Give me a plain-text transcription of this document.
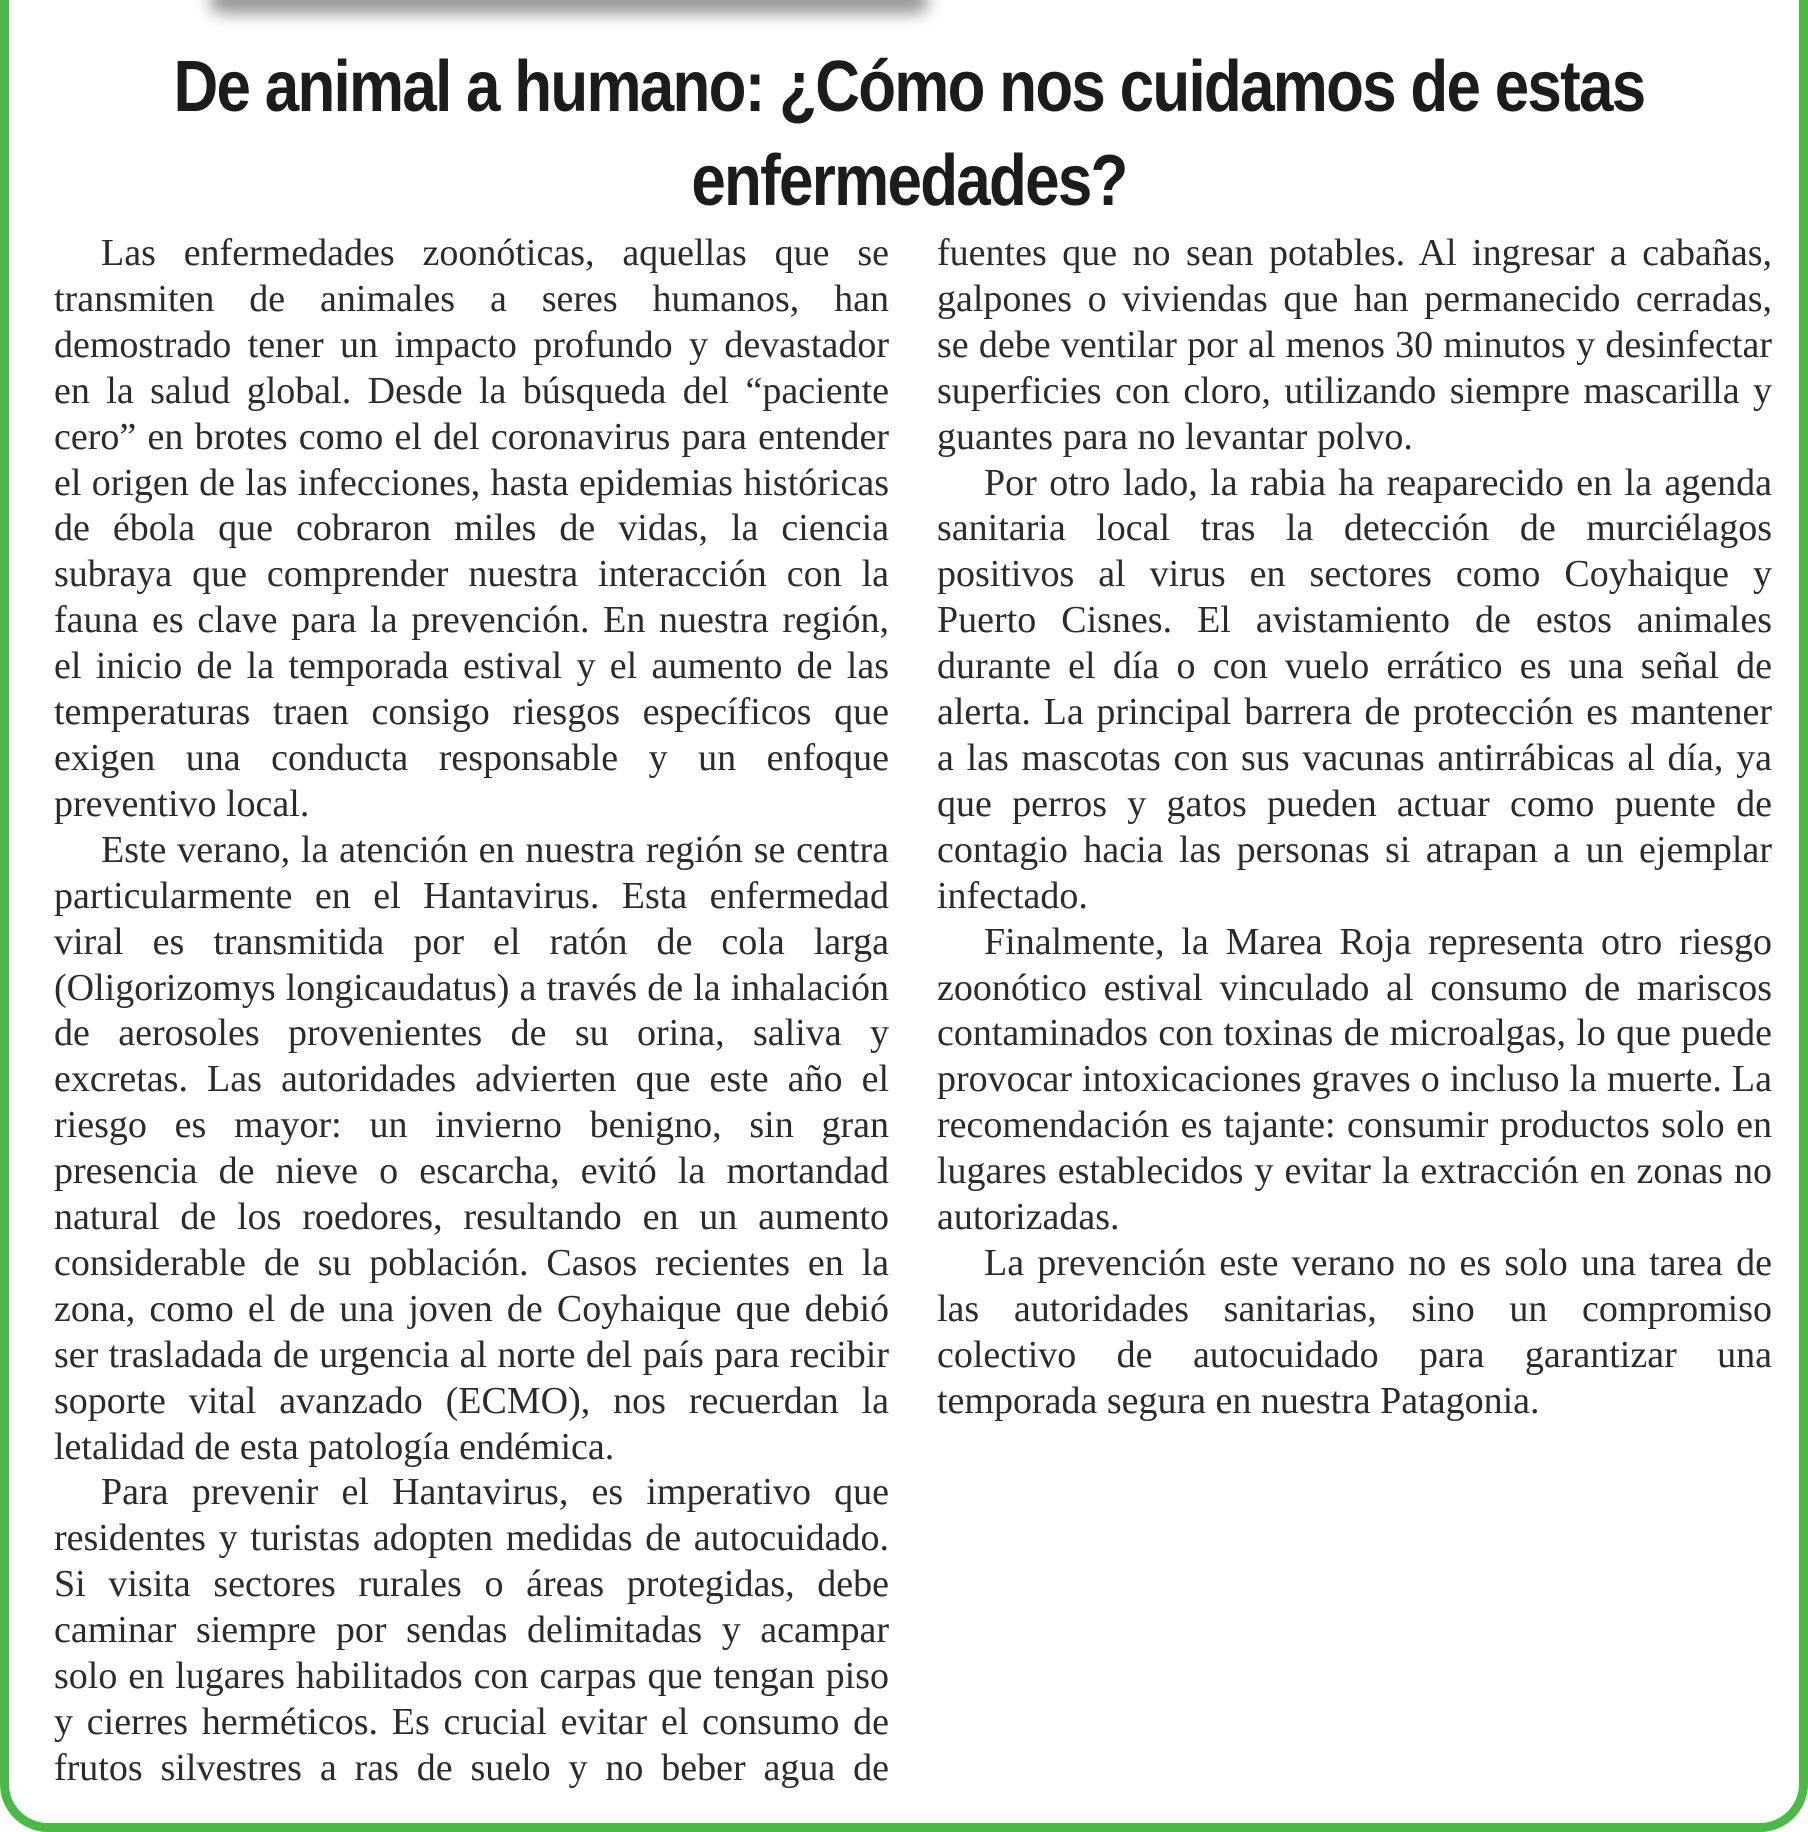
De animal a humano: ¿Cómo nos cuidamos de estas enfermedades?

Las enfermedades zoonóticas, aquellas que se transmiten de animales a seres humanos, han demostrado tener un impacto profundo y devastador en la salud global. Desde la búsqueda del “paciente cero” en brotes como el del coronavirus para entender el origen de las infecciones, hasta epidemias históricas de ébola que cobraron miles de vidas, la ciencia subraya que comprender nuestra interacción con la fauna es clave para la prevención. En nuestra región, el inicio de la temporada estival y el aumento de las temperaturas traen consigo riesgos específicos que exigen una conducta responsable y un enfoque preventivo local.

Este verano, la atención en nuestra región se centra particularmente en el Hantavirus. Esta enfermedad viral es transmitida por el ratón de cola larga (Oligorizomys longicaudatus) a través de la inhalación de aerosoles provenientes de su orina, saliva y excretas. Las autoridades advierten que este año el riesgo es mayor: un invierno benigno, sin gran presencia de nieve o escarcha, evitó la mortandad natural de los roedores, resultando en un aumento considerable de su población. Casos recientes en la zona, como el de una joven de Coyhaique que debió ser trasladada de urgencia al norte del país para recibir soporte vital avanzado (ECMO), nos recuerdan la letalidad de esta patología endémica.

Para prevenir el Hantavirus, es imperativo que residentes y turistas adopten medidas de autocuidado. Si visita sectores rurales o áreas protegidas, debe caminar siempre por sendas delimitadas y acampar solo en lugares habilitados con carpas que tengan piso y cierres herméticos. Es crucial evitar el consumo de frutos silvestres a ras de suelo y no beber agua de fuentes que no sean potables. Al ingresar a cabañas, galpones o viviendas que han permanecido cerradas, se debe ventilar por al menos 30 minutos y desinfectar superficies con cloro, utilizando siempre mascarilla y guantes para no levantar polvo.

Por otro lado, la rabia ha reaparecido en la agenda sanitaria local tras la detección de murciélagos positivos al virus en sectores como Coyhaique y Puerto Cisnes. El avistamiento de estos animales durante el día o con vuelo errático es una señal de alerta. La principal barrera de protección es mantener a las mascotas con sus vacunas antirrábicas al día, ya que perros y gatos pueden actuar como puente de contagio hacia las personas si atrapan a un ejemplar infectado.

Finalmente, la Marea Roja representa otro riesgo zoonótico estival vinculado al consumo de mariscos contaminados con toxinas de microalgas, lo que puede provocar intoxicaciones graves o incluso la muerte. La recomendación es tajante: consumir productos solo en lugares establecidos y evitar la extracción en zonas no autorizadas.

La prevención este verano no es solo una tarea de las autoridades sanitarias, sino un compromiso colectivo de autocuidado para garantizar una temporada segura en nuestra Patagonia.
